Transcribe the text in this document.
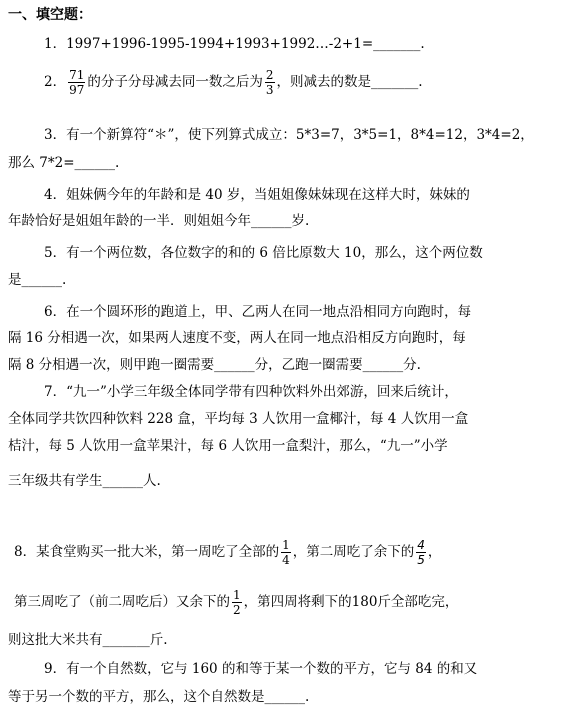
一、填空题：
1．1997+1996-1995-1994+1993+1992…-2+1=_______.
2． $\frac{71}{97}$ 的分子分母减去同一数之后为 $\frac{2}{3}$ ，则减去的数是_______.
3．有一个新算符“＊”，使下列算式成立：5*3=7，3*5=1，8*4=12，3*4=2，
那么 7*2=______.
4．姐妹俩今年的年龄和是 40 岁，当姐姐像妹妹现在这样大时，妹妹的
年龄恰好是姐姐年龄的一半．则姐姐今年______岁.
5．有一个两位数，各位数字的和的 6 倍比原数大 10，那么，这个两位数
是______.
6．在一个圆环形的跑道上，甲、乙两人在同一地点沿相同方向跑时，每
隔 16 分相遇一次，如果两人速度不变，两人在同一地点沿相反方向跑时，每
隔 8 分相遇一次，则甲跑一圈需要______分，乙跑一圈需要______分.
7．“九一”小学三年级全体同学带有四种饮料外出郊游，回来后统计，
全体同学共饮四种饮料 228 盒，平均每 3 人饮用一盒椰汁，每 4 人饮用一盒
桔汁，每 5 人饮用一盒苹果汁，每 6 人饮用一盒梨汁，那么，“九一”小学
三年级共有学生______人.
8．某食堂购买一批大米，第一周吃了全部的 $\frac{1}{4}$ ，第二周吃了余下的 $\frac{4}{5}$ ，
第三周吃了（前二周吃后）又余下的 $\frac{1}{2}$ ，第四周将剩下的180斤全部吃完，
则这批大米共有_______斤.
9．有一个自然数，它与 160 的和等于某一个数的平方，它与 84 的和又
等于另一个数的平方，那么，这个自然数是______.
